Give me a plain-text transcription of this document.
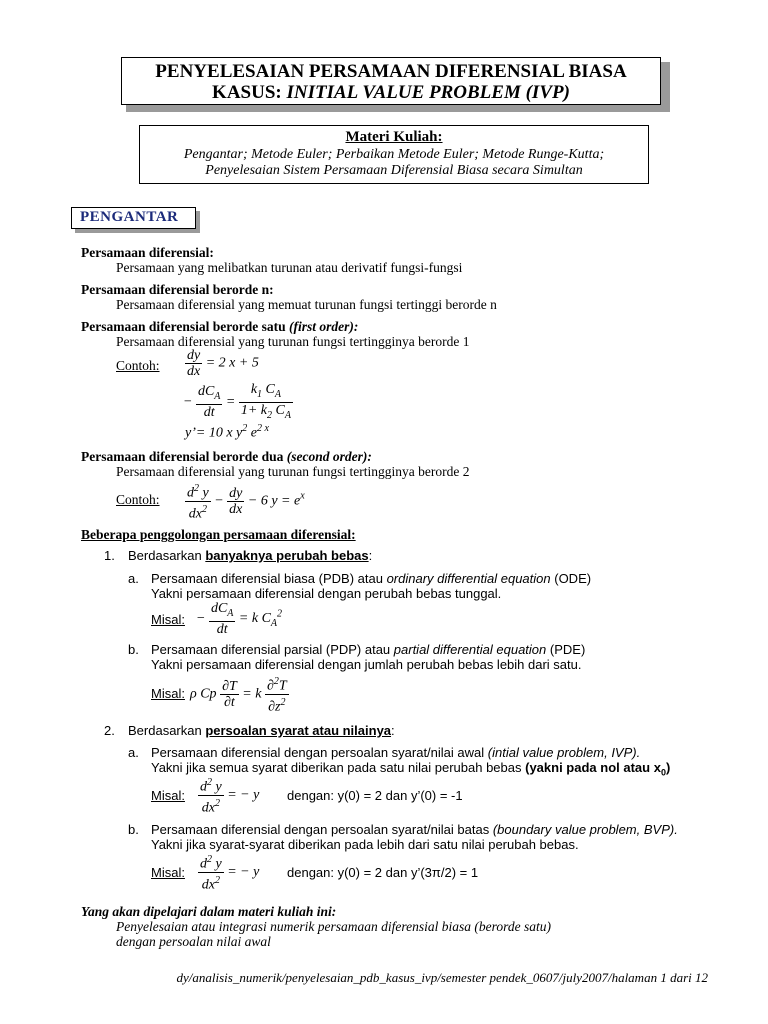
PENYELESAIAN PERSAMAAN DIFERENSIAL BIASA
KASUS: INITIAL VALUE PROBLEM (IVP)
Materi Kuliah:
Pengantar; Metode Euler; Perbaikan Metode Euler; Metode Runge-Kutta;
Penyelesaian Sistem Persamaan Diferensial Biasa secara Simultan
PENGANTAR
Persamaan diferensial:
Persamaan yang melibatkan turunan atau derivatif fungsi-fungsi
Persamaan diferensial berorde n:
Persamaan diferensial yang memuat turunan fungsi tertinggi berorde n
Persamaan diferensial berorde satu (first order):
Persamaan diferensial yang turunan fungsi tertingginya berorde 1
Contoh: $\frac{dy}{dx} = 2$ x + 5
− $\frac{dC_A}{dt} = \frac{k_1 C_A}{1+ k_2 C_A}$
y’= 10 x $y^2$ $e^{2 x}$
Persamaan diferensial berorde dua (second order):
Persamaan diferensial yang turunan fungsi tertingginya berorde 2
Contoh: $\frac{d^2 y}{dx^2} - \frac{dy}{dx} - 6$ $y = e^x$
Beberapa penggolongan persamaan diferensial:
1. Berdasarkan banyaknya perubah bebas:
a. Persamaan diferensial biasa (PDB) atau ordinary differential equation (ODE)
Yakni persamaan diferensial dengan perubah bebas tunggal.
Misal: − $\frac{dC_A}{dt} = k$ $C_A^2$
b. Persamaan diferensial parsial (PDP) atau partial differential equation (PDE)
Yakni persamaan diferensial dengan jumlah perubah bebas lebih dari satu.
Misal: ρ Cp $\frac{\partial T}{\partial t} = k \frac{\partial^2T}{\partial z^2}$
2. Berdasarkan persoalan syarat atau nilainya:
a. Persamaan diferensial dengan persoalan syarat/nilai awal (intial value problem, IVP).
Yakni jika semua syarat diberikan pada satu nilai perubah bebas (yakni pada nol atau $x_0$)
Misal: $\frac{d^2 y}{dx^2}$ = − y dengan: y(0) = 2 dan y’(0) = -1
b. Persamaan diferensial dengan persoalan syarat/nilai batas (boundary value problem, BVP).
Yakni jika syarat-syarat diberikan pada lebih dari satu nilai perubah bebas.
Misal: $\frac{d^2 y}{dx^2}$ = − y dengan: y(0) = 2 dan y’(3π/2) = 1
Yang akan dipelajari dalam materi kuliah ini:
Penyelesaian atau integrasi numerik persamaan diferensial biasa (berorde satu)
dengan persoalan nilai awal
dy/analisis_numerik/penyelesaian_pdb_kasus_ivp/semester pendek_0607/july2007/halaman 1 dari 12
